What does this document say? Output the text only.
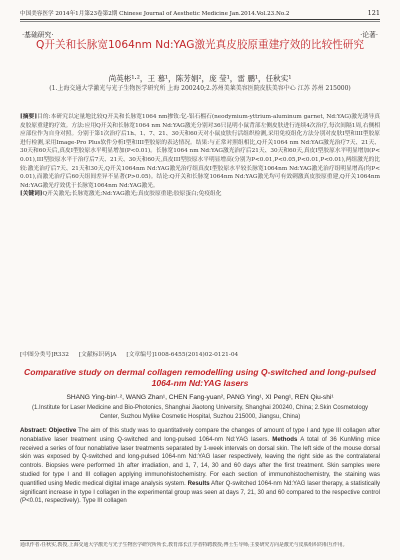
中国美容医学 2014年1月第23卷第2期 Chinese Journal of Aesthetic Medicine Jan.2014.Vol.23.No.2	121
·基础研究·	·论著·
Q开关和长脉宽1064nm Nd:YAG激光真皮胶原重建疗效的比较性研究
尚英彬¹·²，王 慕¹，陈芳娟²，庞 莹¹，雷 鹏¹，任秋实¹
(1.上海交通大学激光与光子生物医学研究所 上海 200240;2.苏州美莱美容医院皮肤美容中心 江苏 苏州 215000)
[摘要]目的:本研究以定量地比较Q开关和长脉宽1064 nm掺钕:钇-铝石榴石(neodymium-yttrium-aluminum garnet, Nd:YAG)激光诱导真皮胶原重建的疗效。方法:应用Q开关和长脉宽1064 nm Nd:YAG激光分别对36只昆明小鼠背部左侧皮肤进行连续4次治疗,每次间隔1周,右侧相应部位作为自身对照。分别于第1次治疗后1h、1、7、21、30天和60天对小鼠皮肤行活组织检测,采用免疫组化方法分别对皮肤I型和III型胶原进行检测,采用Image-Pro Plus软件分析I型和III型胶原的表达情况。结果:与正常对照组相比,Q开关1064 nm Nd:YAG激光治疗7天、21天、30天和60天后,真皮I型胶原水平明显增加(P<0.01)。长脉宽1064 nm Nd:YAG激光治疗后21天、30天和60天,真皮I型胶原水平明显增加(P<0.01),III型胶原水平于治疗后7天、21天、30天和60天,真皮III型胶原水平明显增高(分别为P<0.01,P<0.05,P<0.01,P<0.01),两组激光的比较:激光治疗后7天、21天和30天,Q开关1064nm Nd:YAG激光治疗组真皮I型胶原水平较长脉宽1064nm Nd:YAG激光治疗组明显增高(均P<0.01),而激光治疗后60天组间差异不显著(P>0.05)。结论:Q开关和长脉宽1064nm Nd:YAG激光均可有效刺激真皮胶原重建,Q开关1064nm Nd:YAG激光疗效优于长脉宽1064nm Nd:YAG激光。
[关键词]Q开关激光;长脉宽激光;Nd:YAG激光;真皮胶原重建;胶原蛋白;免疫组化
[中图分类号]R332 [文献标识码]A [文章编号]1008-6455(2014)02-0121-04
Comparative study on dermal collagen remodelling using Q-switched and long-pulsed 1064-nm Nd:YAG lasers
SHANG Ying-bin¹·², WANG Zhan¹, CHEN Fang-yuan², PANG Ying¹, XI Peng¹, REN Qiu-shi¹
(1.Institute for Laser Medicine and Bio-Photonics, Shanghai Jiaotong University, Shanghai 200240, China; 2.Skin Cosmetology Center, Suzhou Mylike Cosmetic Hospital, Suzhou 215000, Jiangsu, China)
Abstract: Objective The aim of this study was to quantitatively compare the changes of amount of type I and type III collagen after nonablative laser treatment using Q-switched and long-pulsed 1064-nm Nd:YAG lasers. Methods A total of 36 KunMing mice received a series of four nonablative laser treatments separated by 1-week intervals on dorsal skin. The left side of the mouse dorsal skin was exposed by Q-switched and long-pulsed 1064-nm Nd:YAG laser respectively, leaving the right side as the contralateral controls. Biopsies were performed 1h after irradiation, and 1, 7, 14, 30 and 60 days after the first treatment. Skin samples were studied for type I and III collagen applying immunohistochemistry. For each section of immunohistochemistry, the staining was quantified using Medic medical digital image analysis system. Results After Q-switched 1064-nm Nd:YAG laser therapy, a statistically significant increase in type I collagen in the experimental group was seen at days 7, 21, 30 and 60 compared to the respective control (P<0.01, respectively). Type III collagen
通讯作者:任秋实,教授,上海交通大学激光与光子生物医学研究所所长,教育部长江学者特聘教授;博士生导师;主要研究方向是激光与皮肤组织的相互作用。
